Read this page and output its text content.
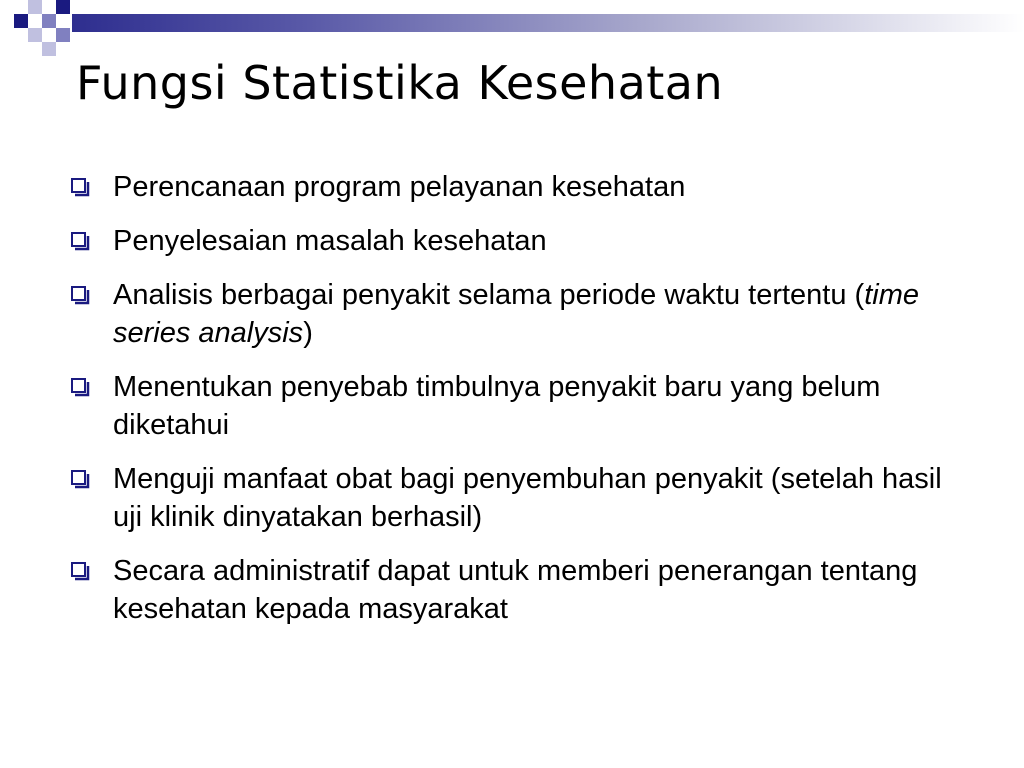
Fungsi Statistika Kesehatan
Perencanaan program pelayanan kesehatan
Penyelesaian masalah kesehatan
Analisis berbagai penyakit selama periode waktu tertentu (time series analysis)
Menentukan penyebab timbulnya penyakit baru yang belum diketahui
Menguji manfaat obat bagi penyembuhan penyakit (setelah hasil uji klinik dinyatakan berhasil)
Secara administratif dapat untuk memberi penerangan tentang kesehatan kepada masyarakat
